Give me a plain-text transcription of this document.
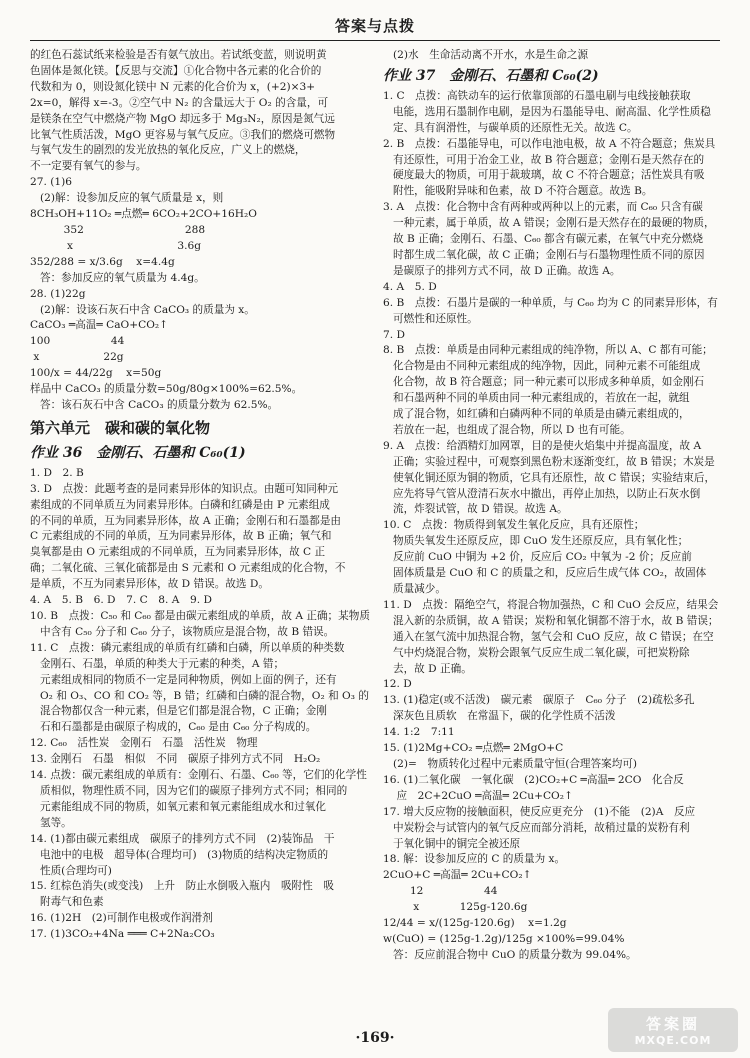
答案与点拨
的红色石蕊试纸来检验是否有氨气放出。若试纸变蓝，则说明黄
色固体是氮化镁。【反思与交流】①化合物中各元素的化合价的
代数和为 0，则设氮化镁中 N 元素的化合价为 x，(+2)×3+
2x=0，解得 x=-3。②空气中 N₂ 的含量远大于 O₂ 的含量，可
是镁条在空气中燃烧产物 MgO 却远多于 Mg₃N₂，原因是氮气远
比氧气性质活泼，MgO 更容易与氧气反应。③我们的燃烧可燃物
与氧气发生的剧烈的发光放热的氧化反应，广义上的燃烧，
不一定要有氧气的参与。
27. (1)6
(2)解：设参加反应的氧气质量是 x，则
8CH₃OH+11O₂ ═点燃═ 6CO₂+2CO+16H₂O
352                              288
x                               3.6g
352/288 = x/3.6g    x=4.4g
答：参加反应的氧气质量为 4.4g。
28. (1)22g
(2)解：设该石灰石中含 CaCO₃ 的质量为 x。
CaCO₃ ═高温═ CaO+CO₂↑
100                  44
x                   22g
100/x = 44/22g    x=50g
样品中 CaCO₃ 的质量分数=50g/80g×100%=62.5%。
答：该石灰石中含 CaCO₃ 的质量分数为 62.5%。
第六单元　碳和碳的氧化物
作业 36　金刚石、石墨和 C₆₀(1)
1. D　2. B
3. D　点拨：此题考查的是同素异形体的知识点。由题可知同种元
素组成的不同单质互为同素异形体。白磷和红磷是由 P 元素组成
的不同的单质，互为同素异形体，故 A 正确；金刚石和石墨都是由
C 元素组成的不同的单质，互为同素异形体，故 B 正确；氧气和
臭氧都是由 O 元素组成的不同单质，互为同素异形体，故 C 正
确；二氧化硫、三氧化硫都是由 S 元素和 O 元素组成的化合物，不
是单质，不互为同素异形体，故 D 错误。故选 D。
4. A　5. B　6. D　7. C　8. A　9. D
10. B　点拨：C₅₀ 和 C₆₀ 都是由碳元素组成的单质，故 A 正确；某物质
中含有 C₅₀ 分子和 C₆₀ 分子，该物质应是混合物，故 B 错误。
11. C　点拨：磷元素组成的单质有红磷和白磷，所以单质的种类数
金刚石、石墨，单质的种类大于元素的种类，A 错；
元素组成相同的物质不一定是同种物质，例如上面的例子，还有
O₂ 和 O₃、CO 和 CO₂ 等，B 错；红磷和白磷的混合物，O₂ 和 O₃ 的
混合物都仅含一种元素，但是它们都是混合物，C 正确；金刚
石和石墨都是由碳原子构成的，C₆₀ 是由 C₆₀ 分子构成的。
12. C₆₀　活性炭　金刚石　石墨　活性炭　物理
13. 金刚石　石墨　相似　不同　碳原子排列方式不同　H₂O₂
14. 点拨：碳元素组成的单质有：金刚石、石墨、C₆₀ 等，它们的化学性
质相似，物理性质不同，因为它们的碳原子排列方式不同；相同的
元素能组成不同的物质，如氧元素和氧元素能组成水和过氧化
氢等。
14. (1)都由碳元素组成　碳原子的排列方式不同　(2)装饰品　干
电池中的电极　超导体(合理均可)　(3)物质的结构决定物质的
性质(合理均可)
15. 红棕色消失(或变浅)　上升　防止水倒吸入瓶内　吸附性　吸
附毒气和色素
16. (1)2H　(2)可制作电极或作润滑剂
17. (1)3CO₂+4Na ═══ C+2Na₂CO₃
(2)水　生命活动离不开水，水是生命之源
作业 37　金刚石、石墨和 C₆₀(2)
1. C　点拨：高铁动车的运行依靠顶部的石墨电刷与电线接触获取
电能，选用石墨制作电刷，是因为石墨能导电、耐高温、化学性质稳
定、具有润滑性，与碳单质的还原性无关。故选 C。
2. B　点拨：石墨能导电，可以作电池电极，故 A 不符合题意；焦炭具
有还原性，可用于冶金工业，故 B 符合题意；金刚石是天然存在的
硬度最大的物质，可用于裁玻璃，故 C 不符合题意；活性炭具有吸
附性，能吸附异味和色素，故 D 不符合题意。故选 B。
3. A　点拨：化合物中含有两种或两种以上的元素，而 C₆₀ 只含有碳
一种元素，属于单质，故 A 错误；金刚石是天然存在的最硬的物质，
故 B 正确；金刚石、石墨、C₆₀ 都含有碳元素，在氧气中充分燃烧
时都生成二氧化碳，故 C 正确；金刚石与石墨物理性质不同的原因
是碳原子的排列方式不同，故 D 正确。故选 A。
4. A　5. D
6. B　点拨：石墨片是碳的一种单质，与 C₆₀ 均为 C 的同素异形体，有
可燃性和还原性。
7. D
8. B　点拨：单质是由同种元素组成的纯净物，所以 A、C 都有可能；
化合物是由不同种元素组成的纯净物，因此，同种元素不可能组成
化合物，故 B 符合题意；同一种元素可以形成多种单质，如金刚石
和石墨两种不同的单质由同一种元素组成的，若放在一起，就组
成了混合物，如红磷和白磷两种不同的单质是由磷元素组成的，
若放在一起，也组成了混合物，所以 D 也有可能。
9. A　点拨：给酒精灯加网罩，目的是使火焰集中并提高温度，故 A
正确；实验过程中，可观察到黑色粉末逐渐变红，故 B 错误；木炭是
使氧化铜还原为铜的物质，它具有还原性，故 C 错误；实验结束后，
应先将导气管从澄清石灰水中撤出，再停止加热，以防止石灰水倒
流，炸裂试管，故 D 错误。故选 A。
10. C　点拨：物质得到氧发生氧化反应，具有还原性；
物质失氧发生还原反应，即 CuO 发生还原反应，具有氧化性；
反应前 CuO 中铜为 +2 价，反应后 CO₂ 中氧为 -2 价；反应前
固体质量是 CuO 和 C 的质量之和，反应后生成气体 CO₂，故固体
质量减少。
11. D　点拨：隔绝空气，将混合物加强热，C 和 CuO 会反应，结果会
混入新的杂质铜，故 A 错误；炭粉和氧化铜都不溶于水，故 B 错误；
通入在氢气流中加热混合物，氢气会和 CuO 反应，故 C 错误；在空
气中灼烧混合物，炭粉会跟氧气反应生成二氧化碳，可把炭粉除
去，故 D 正确。
12. D
13. (1)稳定(或不活泼)　碳元素　碳原子　C₆₀ 分子　(2)疏松多孔
深灰色且质软　在常温下，碳的化学性质不活泼
14. 1:2　7:11
15. (1)2Mg+CO₂ ═点燃═ 2MgO+C
(2)=　物质转化过程中元素质量守恒(合理答案均可)
16. (1)二氧化碳　一氧化碳　(2)CO₂+C ═高温═ 2CO　化合反
应　2C+2CuO ═高温═ 2Cu+CO₂↑
17. 增大反应物的接触面积，使反应更充分　(1)不能　(2)A　反应
中炭粉会与试管内的氧气反应而部分消耗，故稍过量的炭粉有利
于氧化铜中的铜完全被还原
18. 解：设参加反应的 C 的质量为 x。
2CuO+C ═高温═ 2Cu+CO₂↑
12                  44
x            125g-120.6g
12/44 = x/(125g-120.6g)    x=1.2g
w(CuO) = (125g-1.2g)/125g ×100%=99.04%
答：反应前混合物中 CuO 的质量分数为 99.04%。
·169·
答案圈
MXQE.COM
